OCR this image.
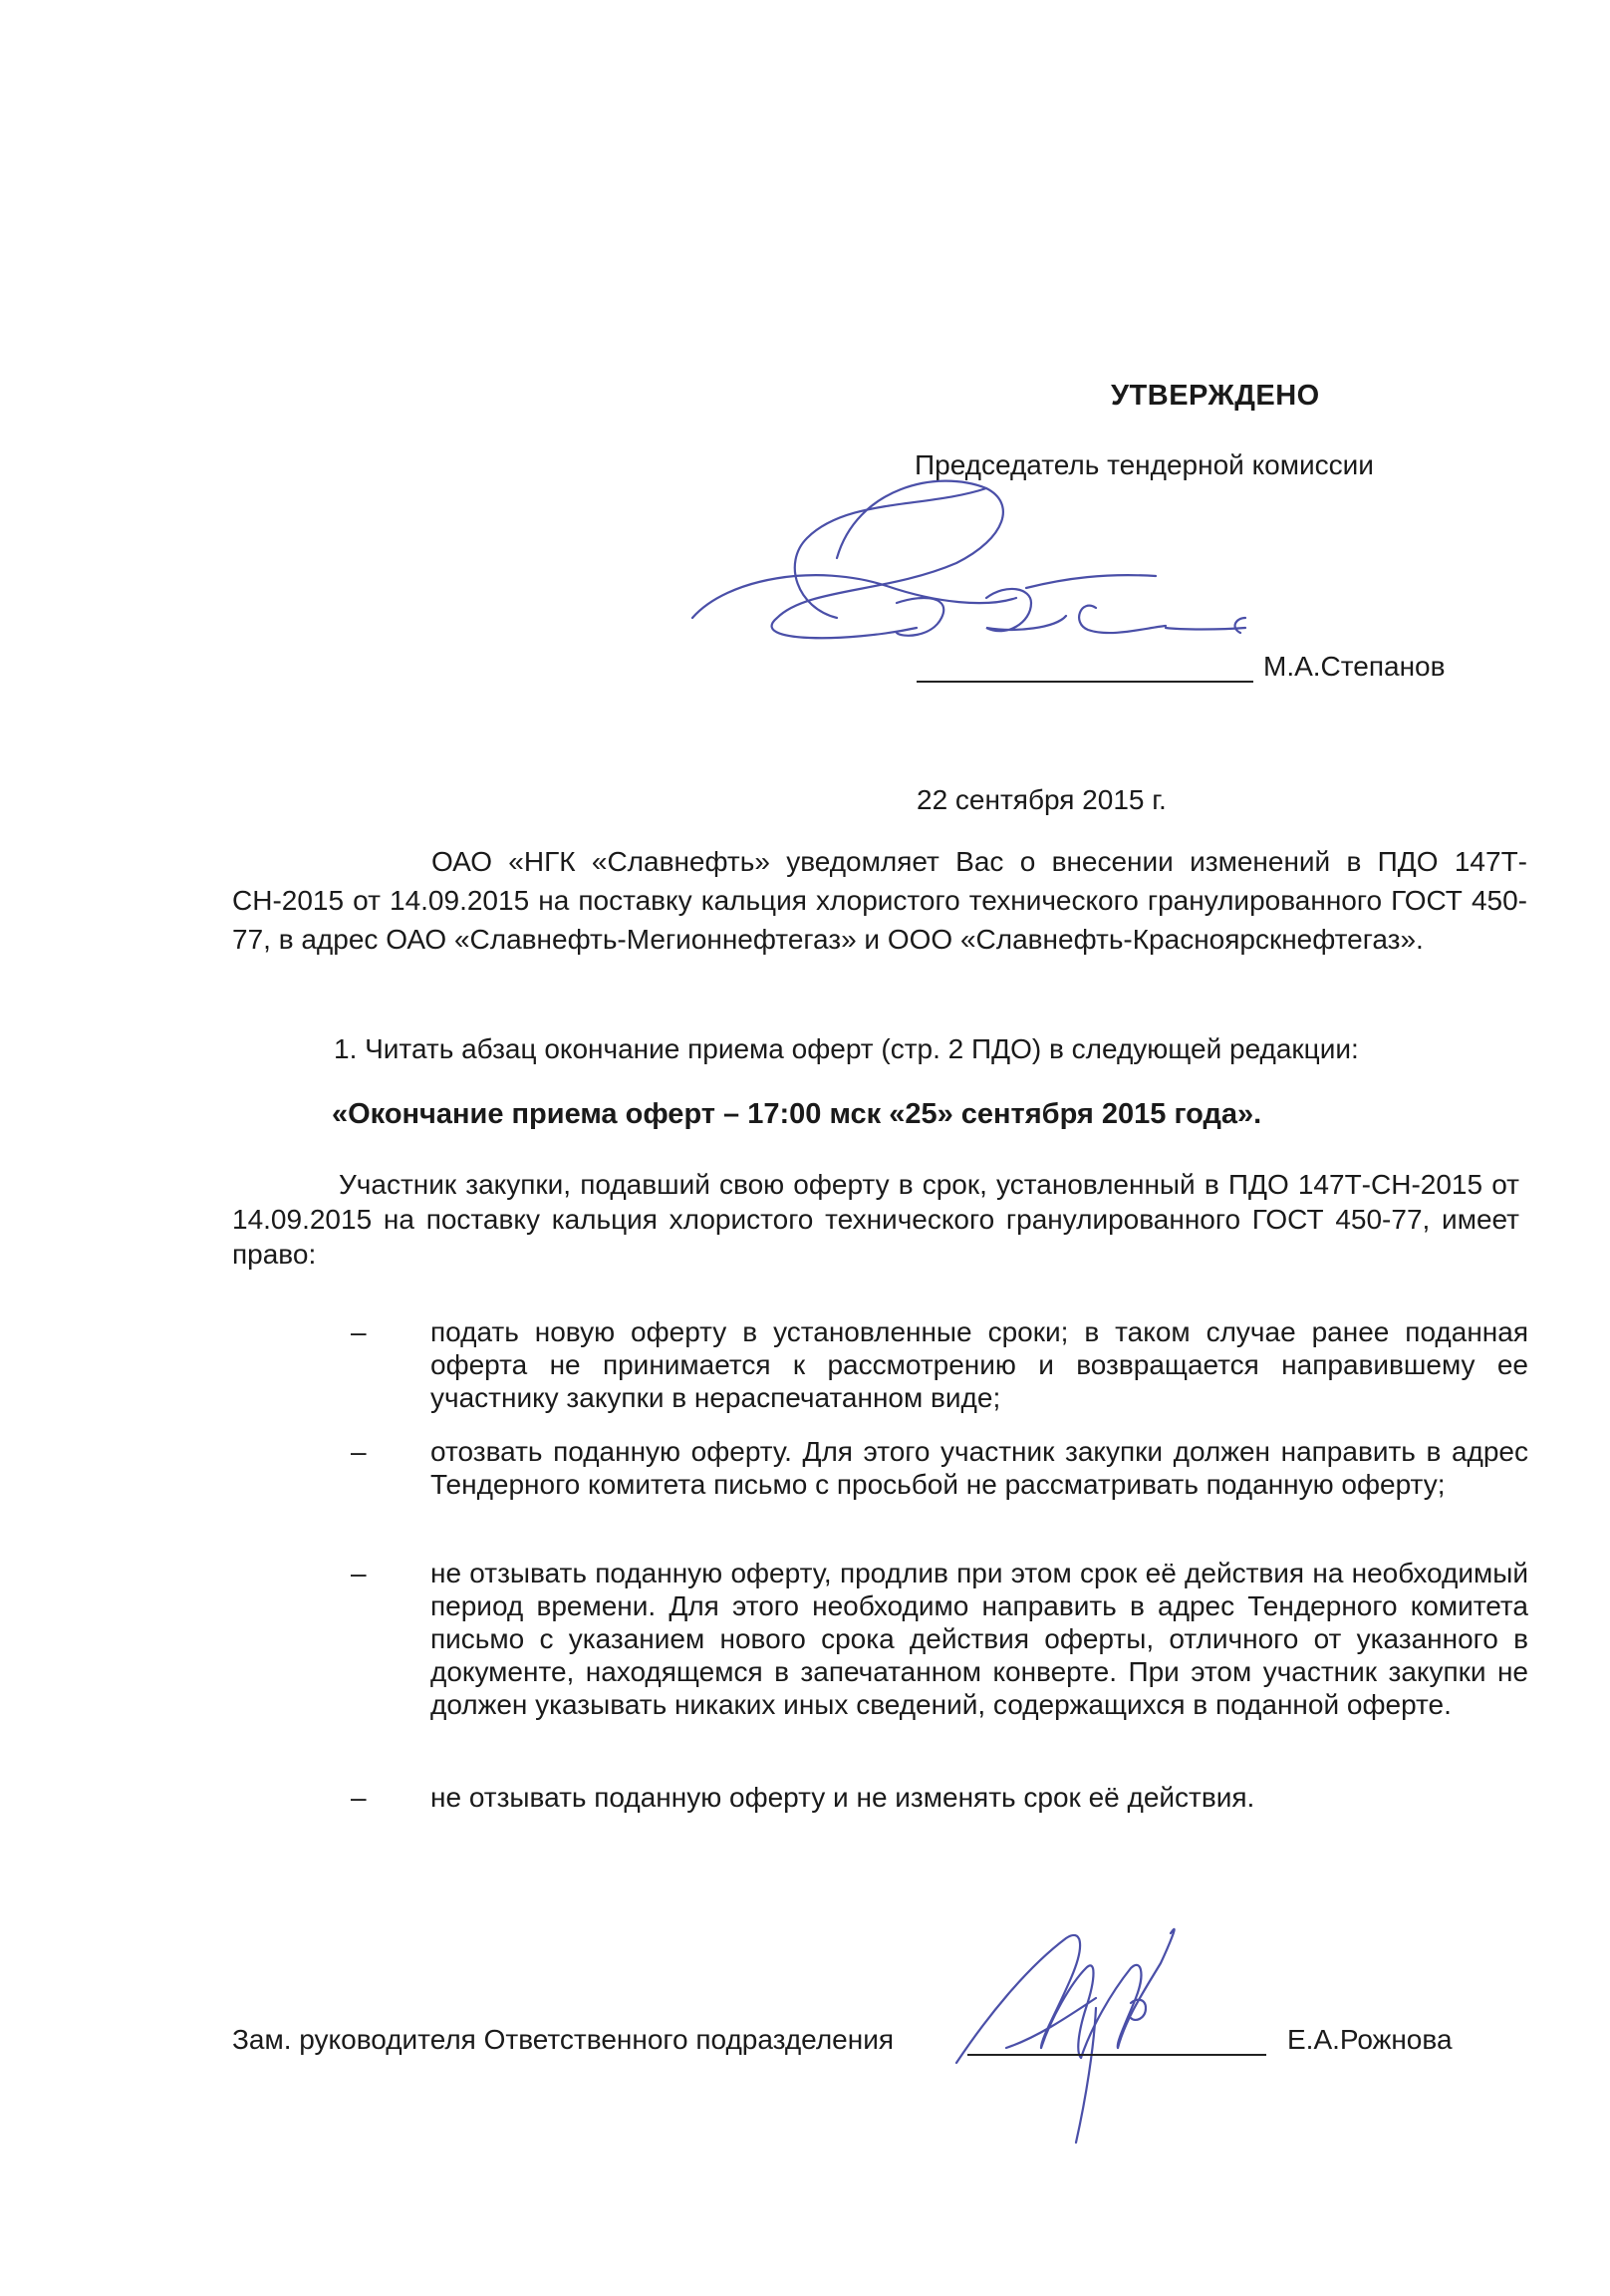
УТВЕРЖДЕНО
Председатель тендерной комиссии
М.А.Степанов
22 сентября 2015 г.
ОАО «НГК «Славнефть» уведомляет Вас о внесении изменений в ПДО 147Т-СН-2015 от 14.09.2015 на поставку кальция хлористого технического гранулированного ГОСТ 450-77, в адрес ОАО «Славнефть-Мегионнефтегаз» и ООО «Славнефть-Красноярскнефтегаз».
1. Читать абзац окончание приема оферт (стр. 2 ПДО) в следующей редакции:
«Окончание приема оферт – 17:00 мск «25» сентября 2015 года».
Участник закупки, подавший свою оферту в срок, установленный в ПДО 147Т-СН-2015 от 14.09.2015 на поставку кальция хлористого технического гранулированного ГОСТ 450-77, имеет право:
– подать новую оферту в установленные сроки; в таком случае ранее поданная оферта не принимается к рассмотрению и возвращается направившему ее участнику закупки в нераспечатанном виде;
– отозвать поданную оферту. Для этого участник закупки должен направить в адрес Тендерного комитета письмо с просьбой не рассматривать поданную оферту;
– не отзывать поданную оферту, продлив при этом срок её действия на необходимый период времени. Для этого необходимо направить в адрес Тендерного комитета письмо с указанием нового срока действия оферты, отличного от указанного в документе, находящемся в запечатанном конверте. При этом участник закупки не должен указывать никаких иных сведений, содержащихся в поданной оферте.
– не отзывать поданную оферту и не изменять срок её действия.
Зам. руководителя Ответственного подразделения	Е.А.Рожнова
